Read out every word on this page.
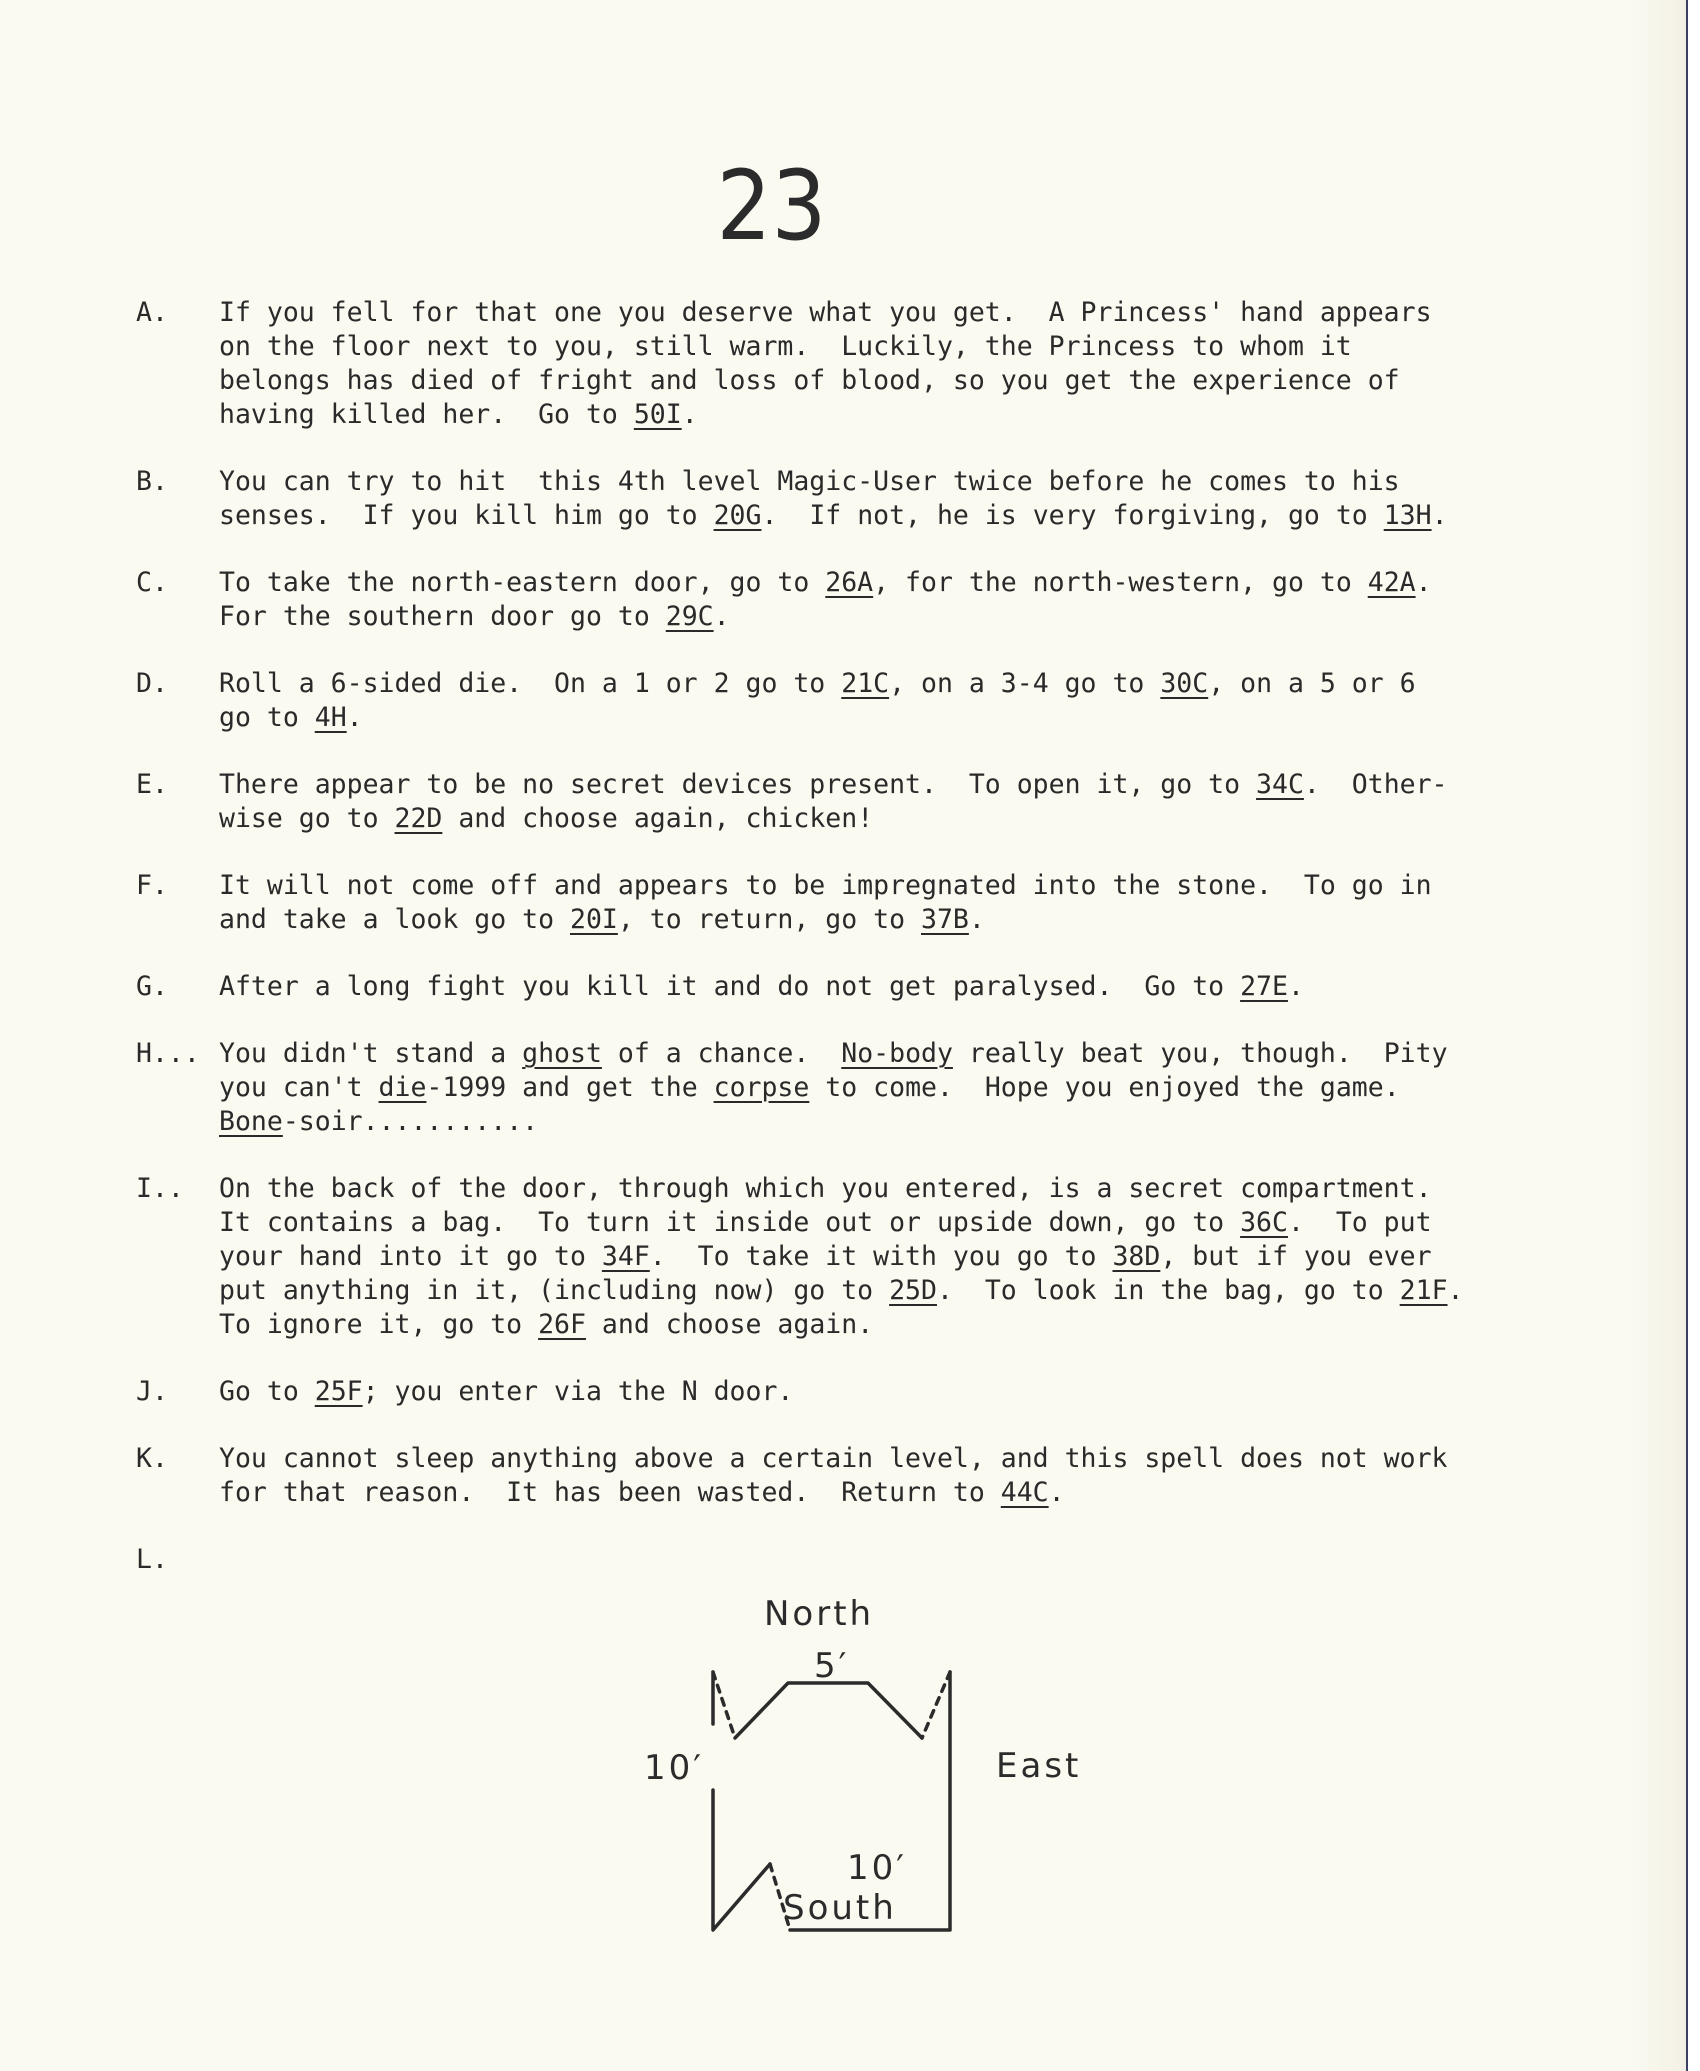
23
A. If you fell for that one you deserve what you get.  A Princess' hand appears
on the floor next to you, still warm.  Luckily, the Princess to whom it
belongs has died of fright and loss of blood, so you get the experience of
having killed her.  Go to 50I.
B. You can try to hit  this 4th level Magic-User twice before he comes to his
senses.  If you kill him go to 20G.  If not, he is very forgiving, go to 13H.
C. To take the north-eastern door, go to 26A, for the north-western, go to 42A.
For the southern door go to 29C.
D. Roll a 6-sided die.  On a 1 or 2 go to 21C, on a 3-4 go to 30C, on a 5 or 6
go to 4H.
E. There appear to be no secret devices present.  To open it, go to 34C.  Other-
wise go to 22D and choose again, chicken!
F. It will not come off and appears to be impregnated into the stone.  To go in
and take a look go to 20I, to return, go to 37B.
G. After a long fight you kill it and do not get paralysed.  Go to 27E.
H... You didn't stand a ghost of a chance.  No-body really beat you, though.  Pity
you can't die-1999 and get the corpse to come.  Hope you enjoyed the game.
Bone-soir...........
I.. On the back of the door, through which you entered, is a secret compartment.
It contains a bag.  To turn it inside out or upside down, go to 36C.  To put
your hand into it go to 34F.  To take it with you go to 38D, but if you ever
put anything in it, (including now) go to 25D.  To look in the bag, go to 21F.
To ignore it, go to 26F and choose again.
J. Go to 25F; you enter via the N door.
K. You cannot sleep anything above a certain level, and this spell does not work
for that reason.  It has been wasted.  Return to 44C.
L.
North
5′
10′	East
10′
South
